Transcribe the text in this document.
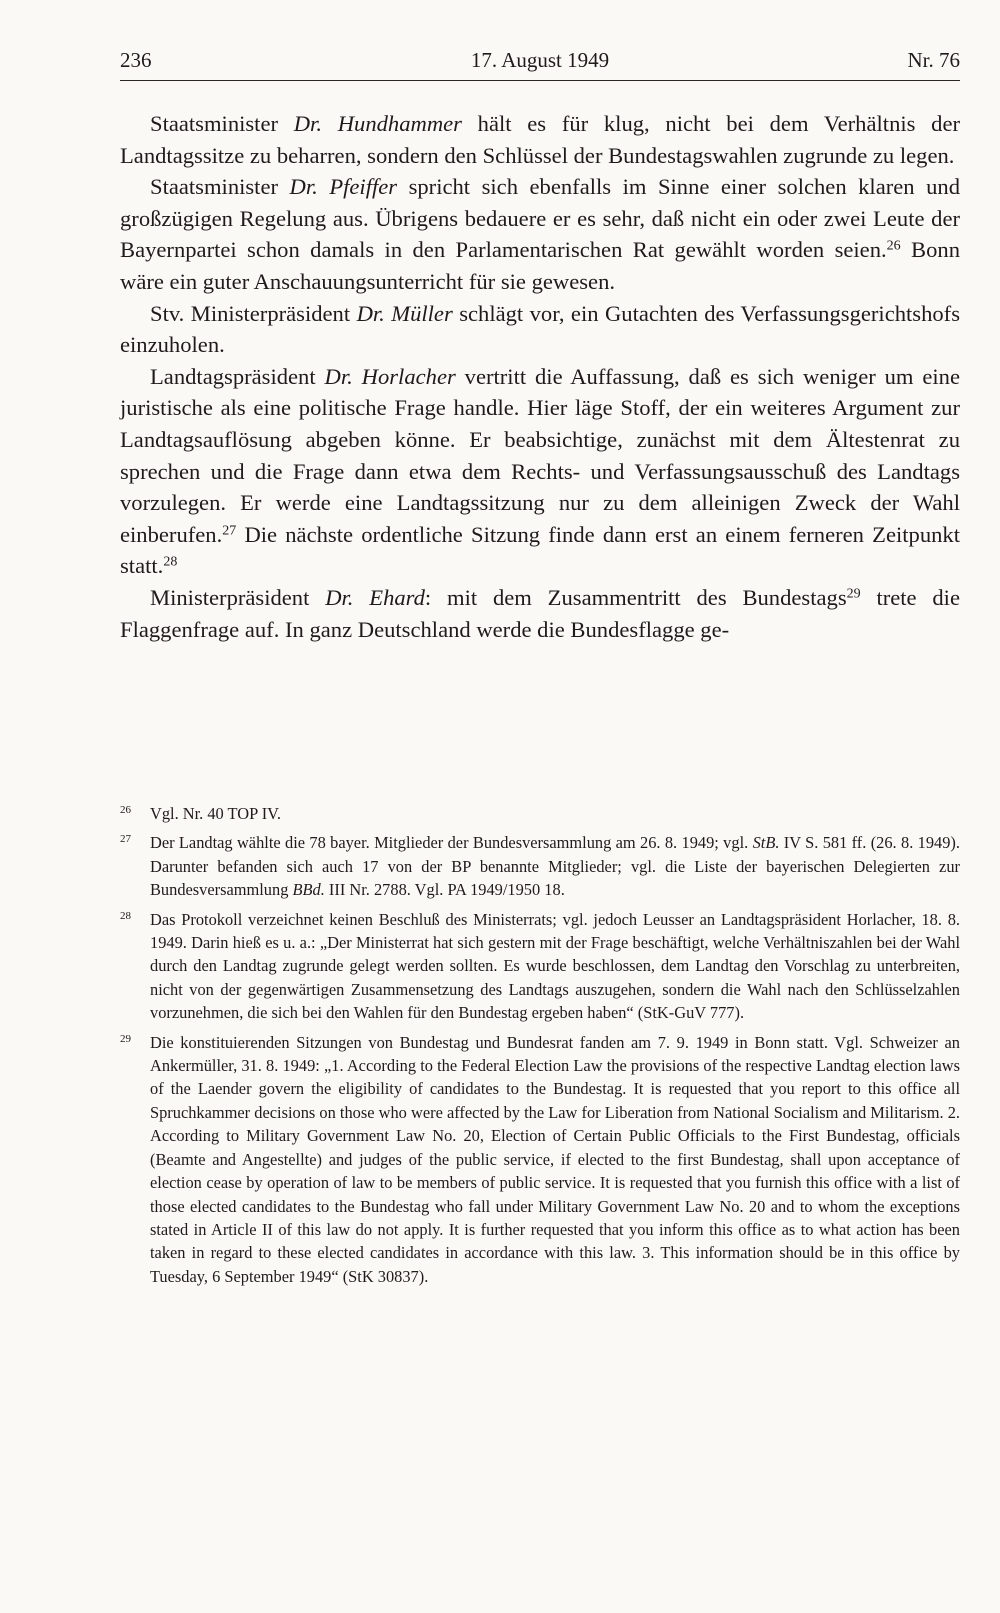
236	17. August 1949	Nr. 76

Staatsminister Dr. Hundhammer hält es für klug, nicht bei dem Verhältnis der Landtagssitze zu beharren, sondern den Schlüssel der Bundestagswahlen zugrunde zu legen.

Staatsminister Dr. Pfeiffer spricht sich ebenfalls im Sinne einer solchen klaren und großzügigen Regelung aus. Übrigens bedauere er es sehr, daß nicht ein oder zwei Leute der Bayernpartei schon damals in den Parlamentarischen Rat gewählt worden seien.$^{26}$ Bonn wäre ein guter Anschauungsunterricht für sie gewesen.

Stv. Ministerpräsident Dr. Müller schlägt vor, ein Gutachten des Verfassungsgerichtshofs einzuholen.

Landtagspräsident Dr. Horlacher vertritt die Auffassung, daß es sich weniger um eine juristische als eine politische Frage handle. Hier läge Stoff, der ein weiteres Argument zur Landtagsauflösung abgeben könne. Er beabsichtige, zunächst mit dem Ältestenrat zu sprechen und die Frage dann etwa dem Rechts- und Verfassungsausschuß des Landtags vorzulegen. Er werde eine Landtagssitzung nur zu dem alleinigen Zweck der Wahl einberufen.$^{27}$ Die nächste ordentliche Sitzung finde dann erst an einem ferneren Zeitpunkt statt.$^{28}$

Ministerpräsident Dr. Ehard: mit dem Zusammentritt des Bundestags$^{29}$ trete die Flaggenfrage auf. In ganz Deutschland werde die Bundesflagge ge-

26 Vgl. Nr. 40 TOP IV.

27 Der Landtag wählte die 78 bayer. Mitglieder der Bundesversammlung am 26. 8. 1949; vgl. StB. IV S. 581 ff. (26. 8. 1949). Darunter befanden sich auch 17 von der BP benannte Mitglieder; vgl. die Liste der bayerischen Delegierten zur Bundesversammlung BBd. III Nr. 2788. Vgl. PA 1949/1950 18.

28 Das Protokoll verzeichnet keinen Beschluß des Ministerrats; vgl. jedoch Leusser an Landtagspräsident Horlacher, 18. 8. 1949. Darin hieß es u. a.: „Der Ministerrat hat sich gestern mit der Frage beschäftigt, welche Verhältniszahlen bei der Wahl durch den Landtag zugrunde gelegt werden sollten. Es wurde beschlossen, dem Landtag den Vorschlag zu unterbreiten, nicht von der gegenwärtigen Zusammensetzung des Landtags auszugehen, sondern die Wahl nach den Schlüsselzahlen vorzunehmen, die sich bei den Wahlen für den Bundestag ergeben haben“ (StK-GuV 777).

29 Die konstituierenden Sitzungen von Bundestag und Bundesrat fanden am 7. 9. 1949 in Bonn statt. Vgl. Schweizer an Ankermüller, 31. 8. 1949: „1. According to the Federal Election Law the provisions of the respective Landtag election laws of the Laender govern the eligibility of candidates to the Bundestag. It is requested that you report to this office all Spruchkammer decisions on those who were affected by the Law for Liberation from National Socialism and Militarism. 2. According to Military Government Law No. 20, Election of Certain Public Officials to the First Bundestag, officials (Beamte and Angestellte) and judges of the public service, if elected to the first Bundestag, shall upon acceptance of election cease by operation of law to be members of public service. It is requested that you furnish this office with a list of those elected candidates to the Bundestag who fall under Military Government Law No. 20 and to whom the exceptions stated in Article II of this law do not apply. It is further requested that you inform this office as to what action has been taken in regard to these elected candidates in accordance with this law. 3. This information should be in this office by Tuesday, 6 September 1949“ (StK 30837).
